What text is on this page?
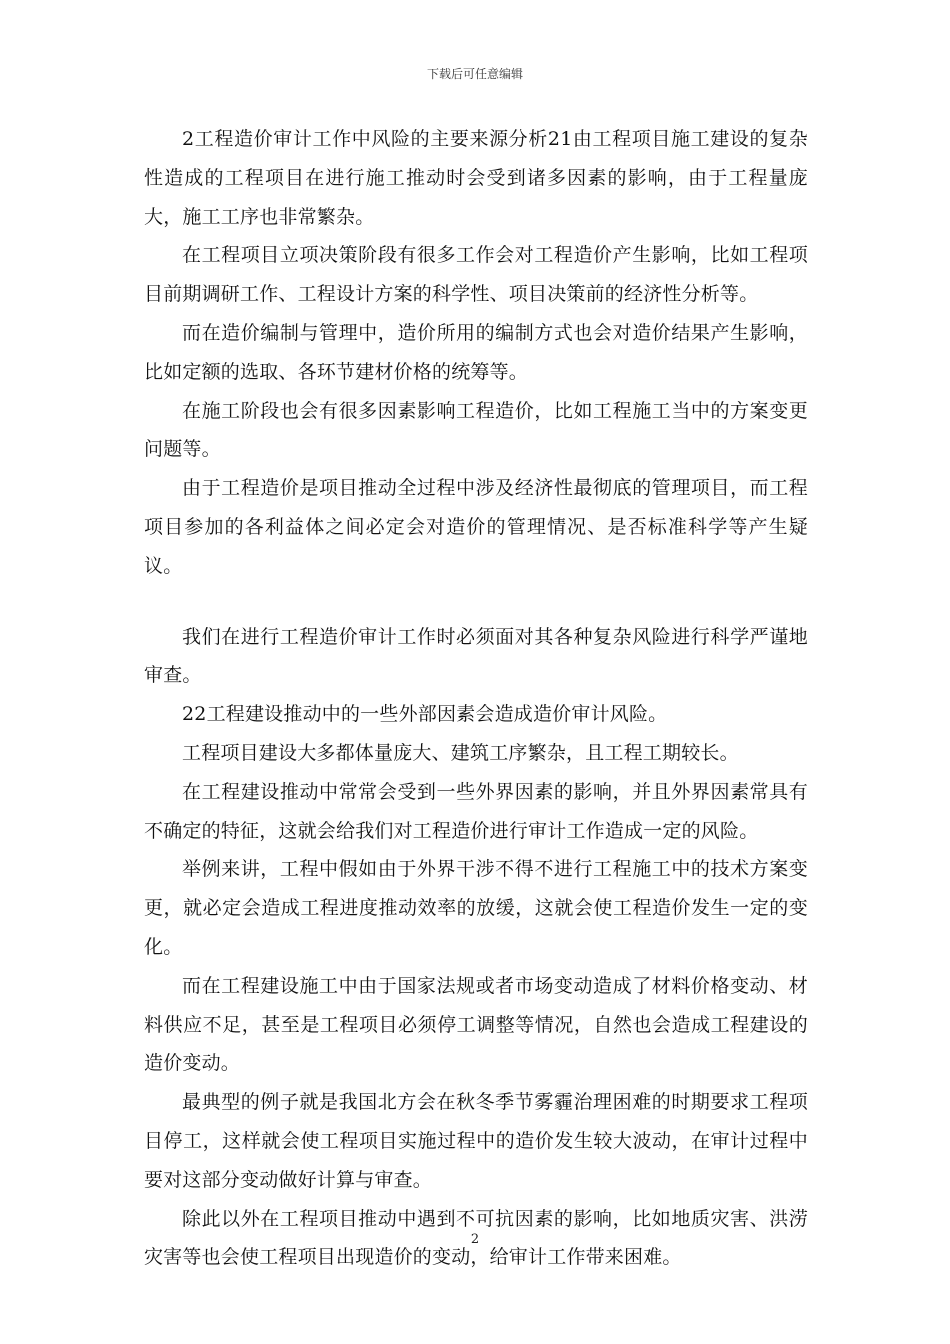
下载后可任意编辑

2工程造价审计工作中风险的主要来源分析21由工程项目施工建设的复杂性造成的工程项目在进行施工推动时会受到诸多因素的影响，由于工程量庞大，施工工序也非常繁杂。

在工程项目立项决策阶段有很多工作会对工程造价产生影响，比如工程项目前期调研工作、工程设计方案的科学性、项目决策前的经济性分析等。

而在造价编制与管理中，造价所用的编制方式也会对造价结果产生影响，比如定额的选取、各环节建材价格的统筹等。

在施工阶段也会有很多因素影响工程造价，比如工程施工当中的方案变更问题等。

由于工程造价是项目推动全过程中涉及经济性最彻底的管理项目，而工程项目参加的各利益体之间必定会对造价的管理情况、是否标准科学等产生疑议。

我们在进行工程造价审计工作时必须面对其各种复杂风险进行科学严谨地审查。

22工程建设推动中的一些外部因素会造成造价审计风险。

工程项目建设大多都体量庞大、建筑工序繁杂，且工程工期较长。

在工程建设推动中常常会受到一些外界因素的影响，并且外界因素常具有不确定的特征，这就会给我们对工程造价进行审计工作造成一定的风险。

举例来讲，工程中假如由于外界干涉不得不进行工程施工中的技术方案变更，就必定会造成工程进度推动效率的放缓，这就会使工程造价发生一定的变化。

而在工程建设施工中由于国家法规或者市场变动造成了材料价格变动、材料供应不足，甚至是工程项目必须停工调整等情况，自然也会造成工程建设的造价变动。

最典型的例子就是我国北方会在秋冬季节雾霾治理困难的时期要求工程项目停工，这样就会使工程项目实施过程中的造价发生较大波动，在审计过程中要对这部分变动做好计算与审查。

除此以外在工程项目推动中遇到不可抗因素的影响，比如地质灾害、洪涝灾害等也会使工程项目出现造价的变动，给审计工作带来困难。

2
